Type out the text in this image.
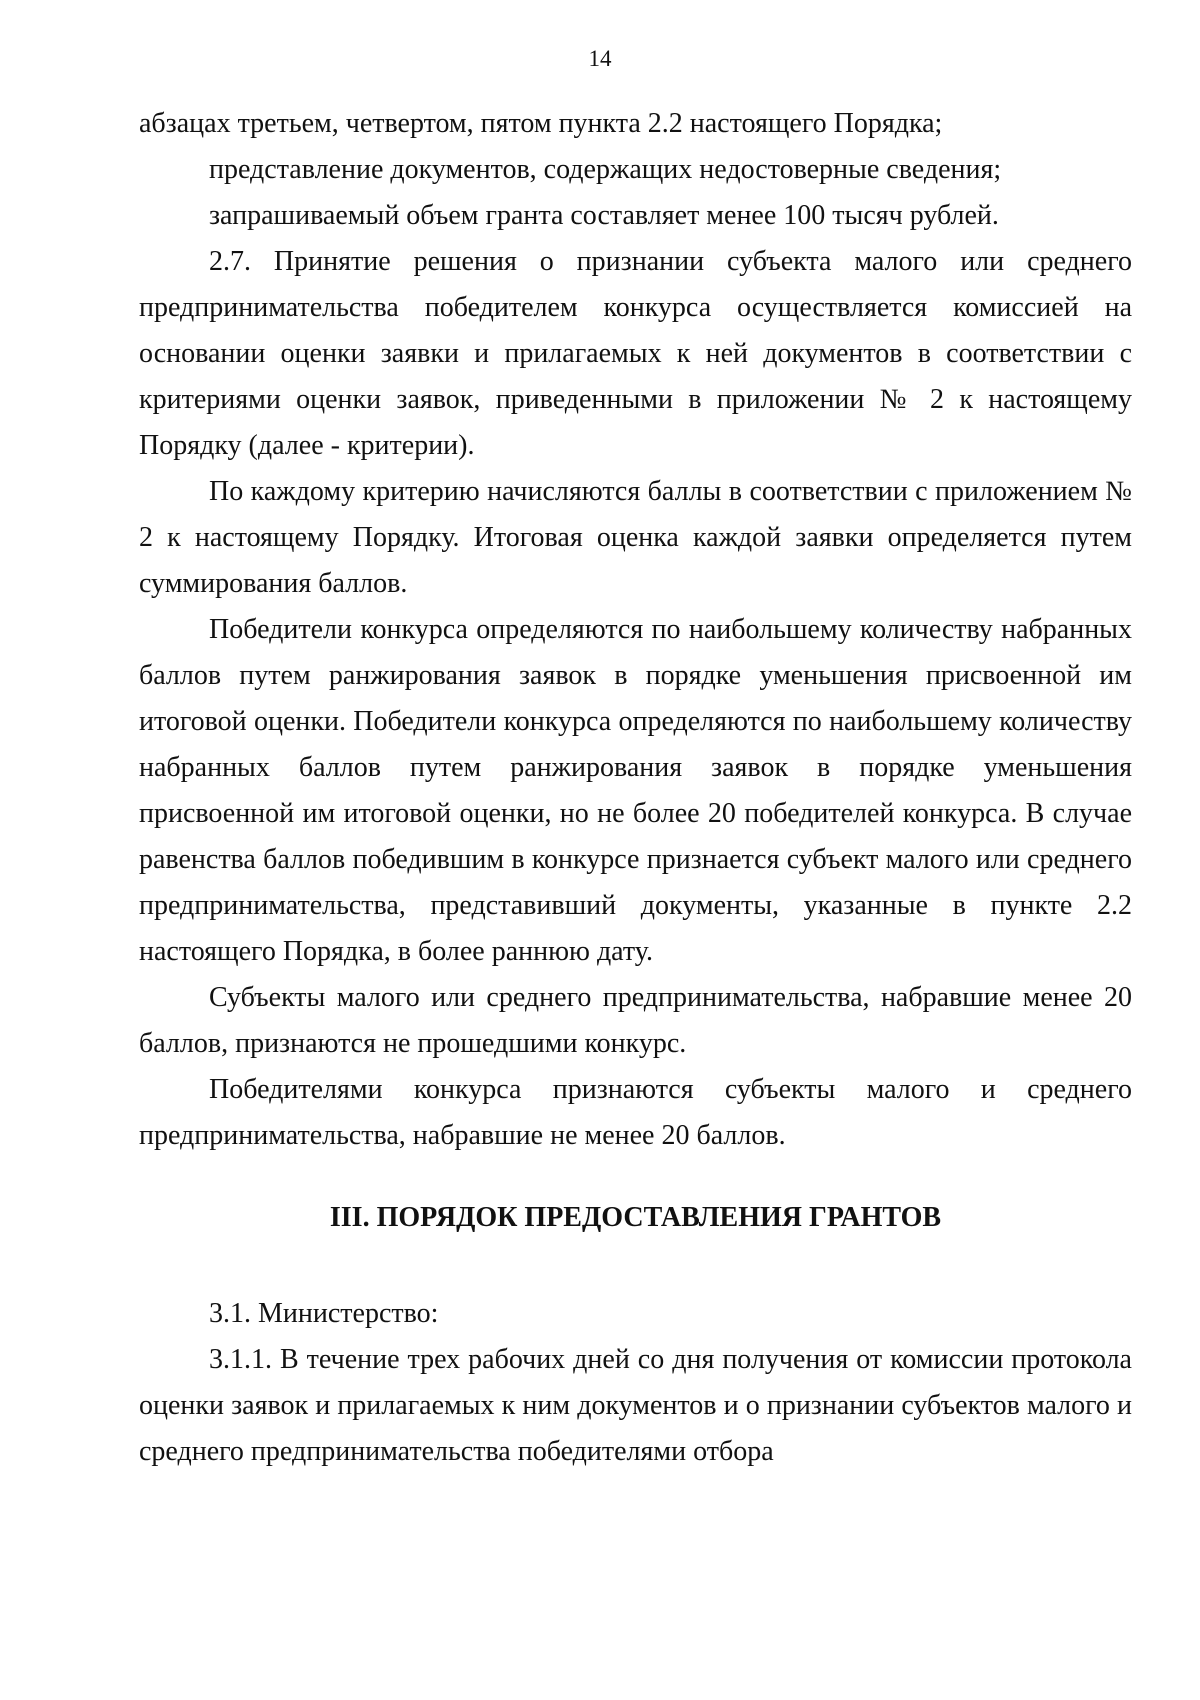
14

абзацах третьем, четвертом, пятом пункта 2.2 настоящего Порядка;

представление документов, содержащих недостоверные сведения;

запрашиваемый объем гранта составляет менее 100 тысяч рублей.

2.7. Принятие решения о признании субъекта малого или среднего предпринимательства победителем конкурса осуществляется комиссией на основании оценки заявки и прилагаемых к ней документов в соответствии с критериями оценки заявок, приведенными в приложении № 2 к настоящему Порядку (далее - критерии).

По каждому критерию начисляются баллы в соответствии с приложением № 2 к настоящему Порядку. Итоговая оценка каждой заявки определяется путем суммирования баллов.

Победители конкурса определяются по наибольшему количеству набранных баллов путем ранжирования заявок в порядке уменьшения присвоенной им итоговой оценки. Победители конкурса определяются по наибольшему количеству набранных баллов путем ранжирования заявок в порядке уменьшения присвоенной им итоговой оценки, но не более 20 победителей конкурса. В случае равенства баллов победившим в конкурсе признается субъект малого или среднего предпринимательства, представивший документы, указанные в пункте 2.2 настоящего Порядка, в более раннюю дату.

Субъекты малого или среднего предпринимательства, набравшие менее 20 баллов, признаются не прошедшими конкурс.

Победителями конкурса признаются субъекты малого и среднего предпринимательства, набравшие не менее 20 баллов.

III. ПОРЯДОК ПРЕДОСТАВЛЕНИЯ ГРАНТОВ

3.1. Министерство:

3.1.1. В течение трех рабочих дней со дня получения от комиссии протокола оценки заявок и прилагаемых к ним документов и о признании субъектов малого и среднего предпринимательства победителями отбора
